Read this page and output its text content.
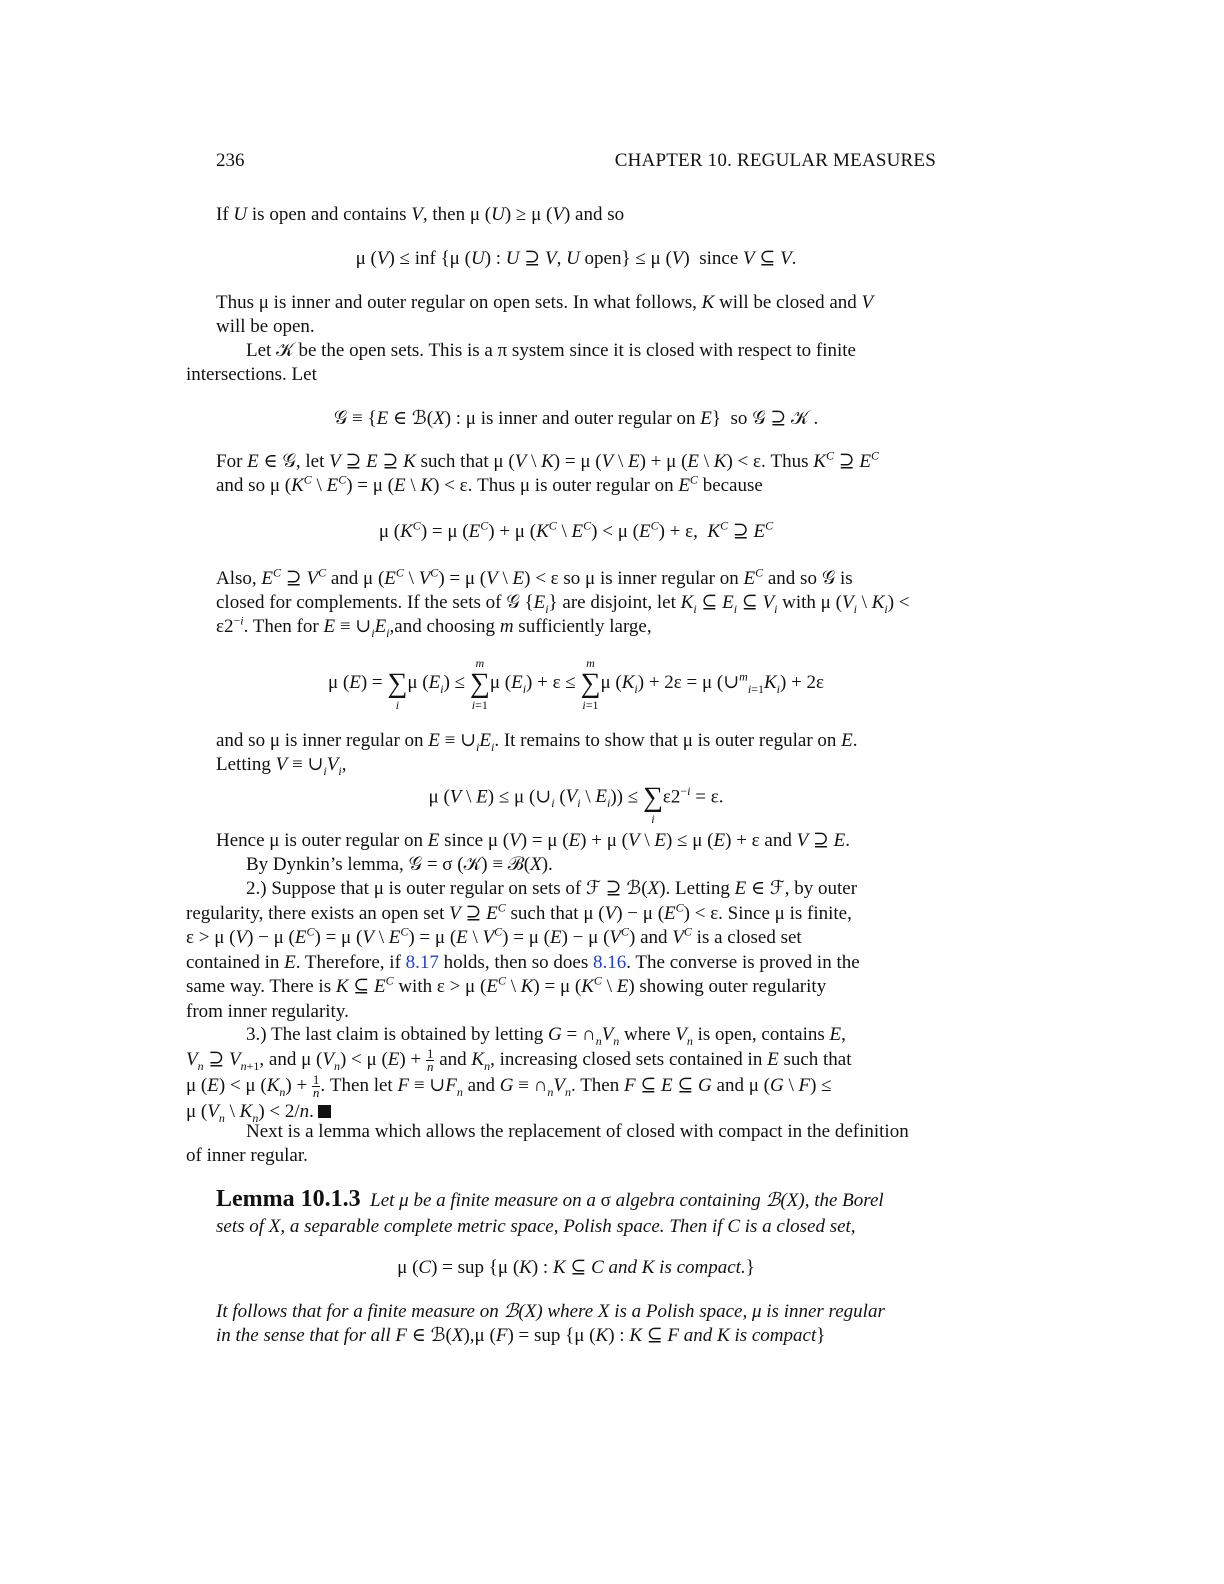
236	CHAPTER 10. REGULAR MEASURES
If U is open and contains V, then μ (U) ≥ μ (V) and so
μ (V) ≤ inf {μ (U) : U ⊇ V, U open} ≤ μ (V)  since V ⊆ V.
Thus μ is inner and outer regular on open sets. In what follows, K will be closed and V
will be open.
Let 𝒦 be the open sets. This is a π system since it is closed with respect to finite
intersections. Let
𝒢 ≡ {E ∈ ℬ(X) : μ is inner and outer regular on E}  so 𝒢 ⊇ 𝒦 .
For E ∈ 𝒢, let V ⊇ E ⊇ K such that μ (V \ K) = μ (V \ E) + μ (E \ K) < ε. Thus $K^C$ ⊇ $E^C$
and so μ ($K^C$ \ $E^C) = \mu$ (E \ K) < ε. Thus μ is outer regular on $E^C$ because
μ $(K^C) = \mu$ $(E^C) + \mu$ ($K^C$ \ $E^C) < \mu$ $(E^C) + \varepsilon$,  $K^C$ ⊇ $E^C$
Also, $E^C$ ⊇ $V^C$ and μ ($E^C$ \ $V^C) = \mu$ (V \ E) < ε so μ is inner regular on $E^C$ and so 𝒢 is
closed for complements. If the sets of 𝒢 $\{E_i\}$ are disjoint, let $K_i$ ⊆ $E_i$ ⊆ $V_i$ with μ ($V_i$ \ $K_i$) <
$\varepsilon 2^{-i}$. Then for $E \equiv \cup_iE_i,and$ choosing m sufficiently large,
μ (E) =
∑
i
μ $(E_i)$ ≤
m
∑
i=1
μ $(E_i) + \varepsilon$ ≤
m
∑
i=1
μ $(K_i) + 2\varepsilon = \mu$ $(\cup^m_{i=1}K_i) + 2\varepsilon$
and so μ is inner regular on $E \equiv \cup_iE_i$. It remains to show that μ is outer regular on E.
Letting $V \equiv \cup_iV_i$,
μ (V \ E) ≤ μ ($\cup_i$ ($V_i$ \ $E_i$)) ≤
∑
i
$\varepsilon 2^{-i} = \varepsilon$.
Hence μ is outer regular on E since μ (V) = μ (E) + μ (V \ E) ≤ μ (E) + ε and V ⊇ E.
By Dynkin’s lemma, 𝒢 = σ (𝒦) ≡ ℬ(X).
2.) Suppose that μ is outer regular on sets of ℱ ⊇ ℬ(X). Letting E ∈ ℱ, by outer
regularity, there exists an open set V ⊇ $E^C$ such that μ (V) − μ $(E^C) < \varepsilon$. Since μ is finite,
ε > μ (V) − μ $(E^C) = \mu$ (V \ $E^C) = \mu$ (E \ $V^C) = \mu$ (E) − μ $(V^C)$ and $V^C$ is a closed set
contained in E. Therefore, if 8.17 holds, then so does 8.16. The converse is proved in the
same way. There is K ⊆ $E^C$ with ε > μ ($E^C$ \ K) = μ ($K^C$ \ E) showing outer regularity
from inner regularity.
3.) The last claim is obtained by letting $G = \cap_nV_n$ where $V_n$ is open, contains E,
$V_n$ ⊇ $V_{n+1}$, and μ $(V_n) < \mu$ $(E) + \frac{1}{n}$ and $K_n$, increasing closed sets contained in E such that
μ (E) < μ $(K_n) + \frac{1}{n}$ . Then let $F \equiv \cup F_n$ and $G \equiv \cap_nV_n$. Then F ⊆ E ⊆ G and μ (G \ F) ≤
μ ($V_n$ \ $K_n) < 2/n$.
Next is a lemma which allows the replacement of closed with compact in the definition
of inner regular.
Lemma 10.1.3  Let μ be a finite measure on a σ algebra containing ℬ(X), the Borel
sets of X, a separable complete metric space, Polish space. Then if C is a closed set,
μ (C) = sup {μ (K) : K ⊆ C and K is compact.}
It follows that for a finite measure on ℬ(X) where X is a Polish space, μ is inner regular
in the sense that for all F ∈ ℬ(X),μ (F) = sup {μ (K) : K ⊆ F and K is compact}
